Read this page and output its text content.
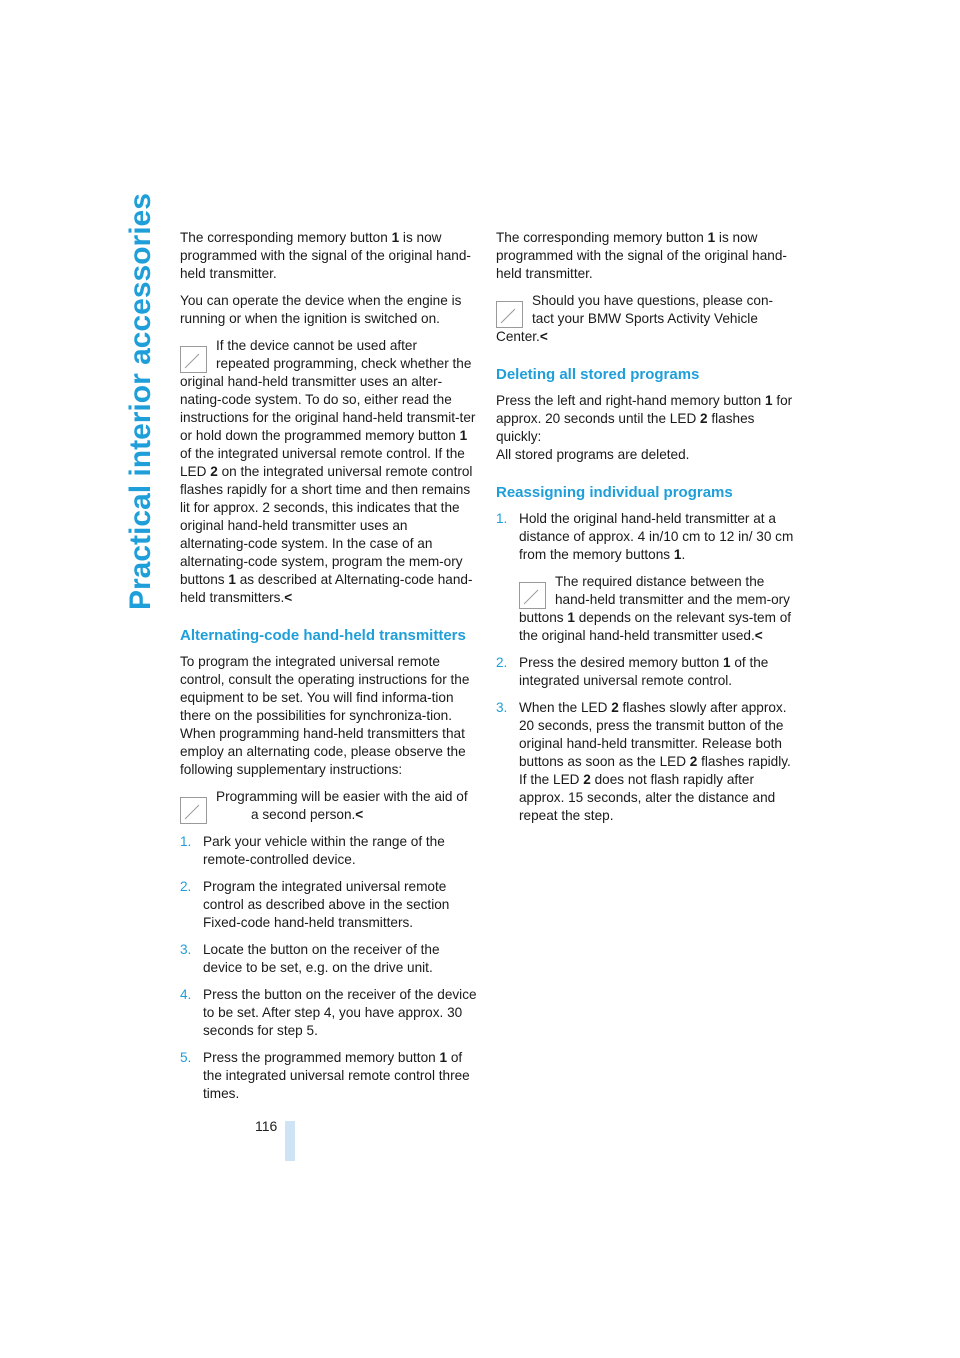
Practical interior accessories
116

The corresponding memory button 1 is now programmed with the signal of the original hand-held transmitter.

You can operate the device when the engine is running or when the ignition is switched on.

If the device cannot be used after
repeated programming, check whether the original hand-held transmitter uses an alter-nating-code system. To do so, either read the instructions for the original hand-held transmit-ter or hold down the programmed memory button 1 of the integrated universal remote control. If the LED 2 on the integrated universal remote control flashes rapidly for a short time and then remains lit for approx. 2 seconds, this indicates that the original hand-held transmitter uses an alternating-code system. In the case of an alternating-code system, program the mem-ory buttons 1 as described at Alternating-code hand-held transmitters.<
Alternating-code hand-held transmitters

To program the integrated universal remote control, consult the operating instructions for the equipment to be set. You will find informa-tion there on the possibilities for synchroniza-tion.

When programming hand-held transmitters that employ an alternating code, please observe the following supplementary instructions:

Programming will be easier with the aid of
a second person.<
1. Park your vehicle within the range of the remote-controlled device.
2. Program the integrated universal remote control as described above in the section Fixed-code hand-held transmitters.
3. Locate the button on the receiver of the device to be set, e.g. on the drive unit.
4. Press the button on the receiver of the device to be set. After step 4, you have approx. 30 seconds for step 5.
5. Press the programmed memory button 1 of the integrated universal remote control three times.

The corresponding memory button 1 is now programmed with the signal of the original hand-held transmitter.

Should you have questions, please con-
tact your BMW Sports Activity Vehicle Center.<
Deleting all stored programs

Press the left and right-hand memory button 1 for approx. 20 seconds until the LED 2 flashes quickly:

All stored programs are deleted.

Reassigning individual programs
1. Hold the original hand-held transmitter at a distance of approx. 4 in/10 cm to 12 in/ 30 cm from the memory buttons 1.
The required distance between the
hand-held transmitter and the mem-ory buttons 1 depends on the relevant sys-tem of the original hand-held transmitter used.<
2. Press the desired memory button 1 of the integrated universal remote control.
3. When the LED 2 flashes slowly after approx. 20 seconds, press the transmit button of the original hand-held transmitter. Release both buttons as soon as the LED 2 flashes rapidly. If the LED 2 does not flash rapidly after approx. 15 seconds, alter the distance and repeat the step.
